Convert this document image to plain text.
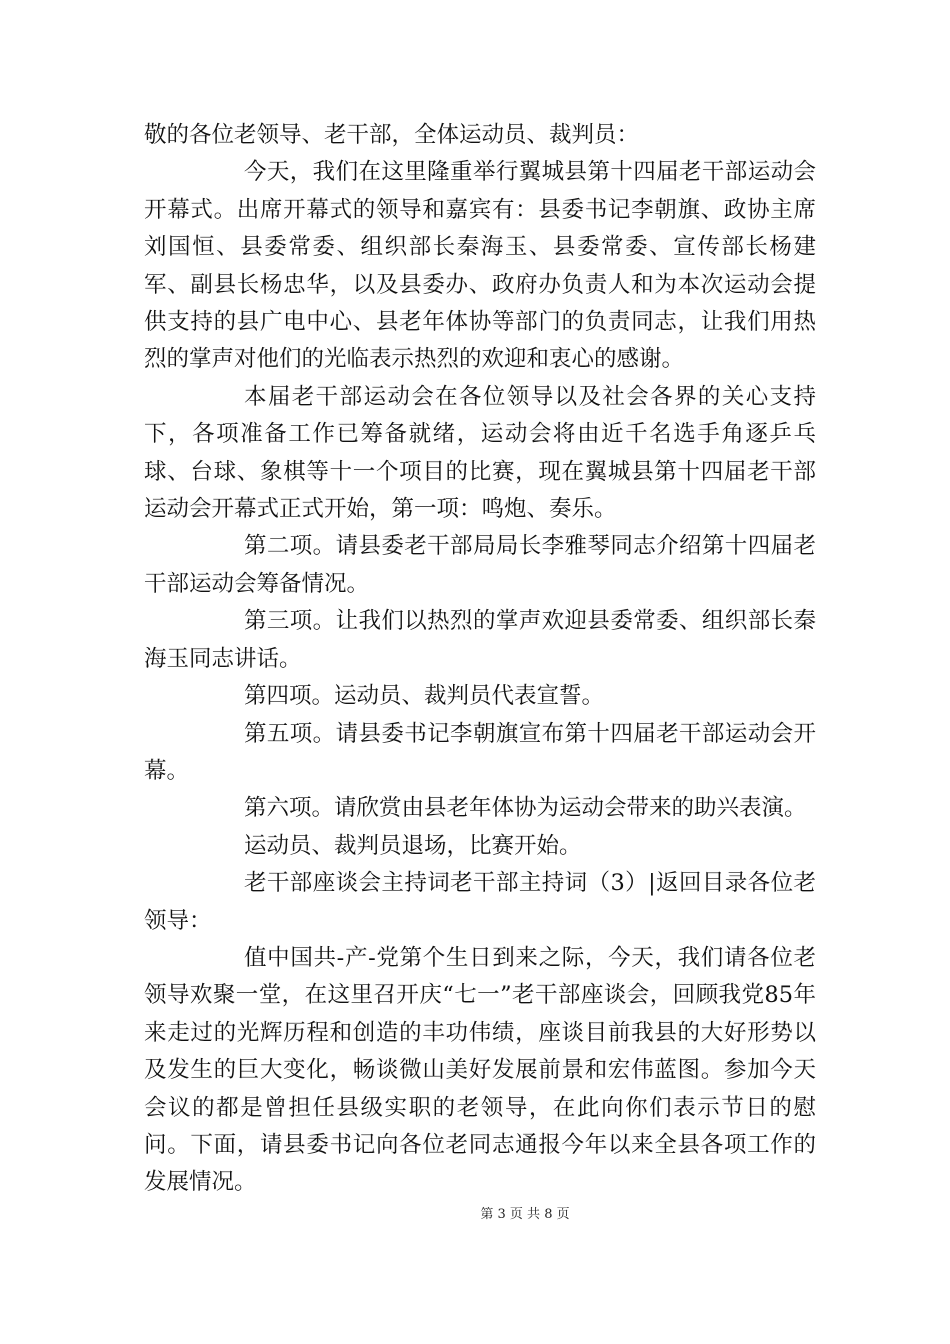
敬的各位老领导、老干部，全体运动员、裁判员：

今天，我们在这里隆重举行翼城县第十四届老干部运动会开幕式。出席开幕式的领导和嘉宾有：县委书记李朝旗、政协主席刘国恒、县委常委、组织部长秦海玉、县委常委、宣传部长杨建军、副县长杨忠华，以及县委办、政府办负责人和为本次运动会提供支持的县广电中心、县老年体协等部门的负责同志，让我们用热烈的掌声对他们的光临表示热烈的欢迎和衷心的感谢。

本届老干部运动会在各位领导以及社会各界的关心支持下，各项准备工作已筹备就绪，运动会将由近千名选手角逐乒乓球、台球、象棋等十一个项目的比赛，现在翼城县第十四届老干部运动会开幕式正式开始，第一项：鸣炮、奏乐。

第二项。请县委老干部局局长李雅琴同志介绍第十四届老干部运动会筹备情况。

第三项。让我们以热烈的掌声欢迎县委常委、组织部长秦海玉同志讲话。

第四项。运动员、裁判员代表宣誓。

第五项。请县委书记李朝旗宣布第十四届老干部运动会开幕。

第六项。请欣赏由县老年体协为运动会带来的助兴表演。

运动员、裁判员退场，比赛开始。

老干部座谈会主持词老干部主持词（3）|返回目录各位老领导：

值中国共-产-党第个生日到来之际，今天，我们请各位老领导欢聚一堂，在这里召开庆“七一”老干部座谈会，回顾我党85年来走过的光辉历程和创造的丰功伟绩，座谈目前我县的大好形势以及发生的巨大变化，畅谈微山美好发展前景和宏伟蓝图。参加今天会议的都是曾担任县级实职的老领导，在此向你们表示节日的慰问。下面，请县委书记向各位老同志通报今年以来全县各项工作的发展情况。

第 3 页 共 8 页
